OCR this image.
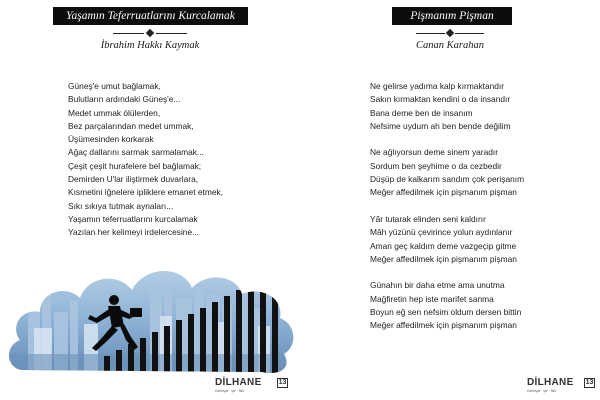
Yaşamın Teferruatlarını Kurcalamak
İbrahim Hakkı Kaymak
Güneş'e umut bağlamak,
Bulutların ardındaki Güneş'e...
Medet ummak ölülerden,
Bez parçalarından medet ummak,
Üşümesinden korkarak
Ağaç dallarını sarmak sarmalamak...
Çeşit çeşit hurafelere bel bağlamak;
Demirden U'lar iliştirmek duvarlara,
Kısmetini iğnelere ipliklere emanet etmek,
Sıkı sıkıya tutmak aynaları...
Yaşamın teferruatlarını kurcalamak
Yazılan her kelimeyi irdelercesine...
DİLHANE 13
edebiyat · şiir · fikir
Pişmanım Pişman
Canan Karahan
Ne gelirse yadıma kalp kırmaktandır
Sakın kırmaktan kendini o da insandır
Bana deme ben de insanım
Nefsime uydum ah ben bende değilim
Ne ağlıyorsun deme sinem yaradır
Sordum ben şeyhime o da cezbedir
Düşüp de kalkarım sandım çok perişanım
Meğer affedilmek için pişmanım pişman
Yâr tutarak elinden seni kaldırır
Mâh yüzünü çevirince yolun aydınlanır
Aman geç kaldım deme vazgeçip gitme
Meğer affedilmek için pişmanım pişman
Günahın bir daha etme ama unutma
Mağfiretin hep iste marifet sanma
Boyun eğ sen nefsim oldum dersen bittin
Meğer affedilmek için pişmanım pişman
DİLHANE 13
edebiyat · şiir · fikir
